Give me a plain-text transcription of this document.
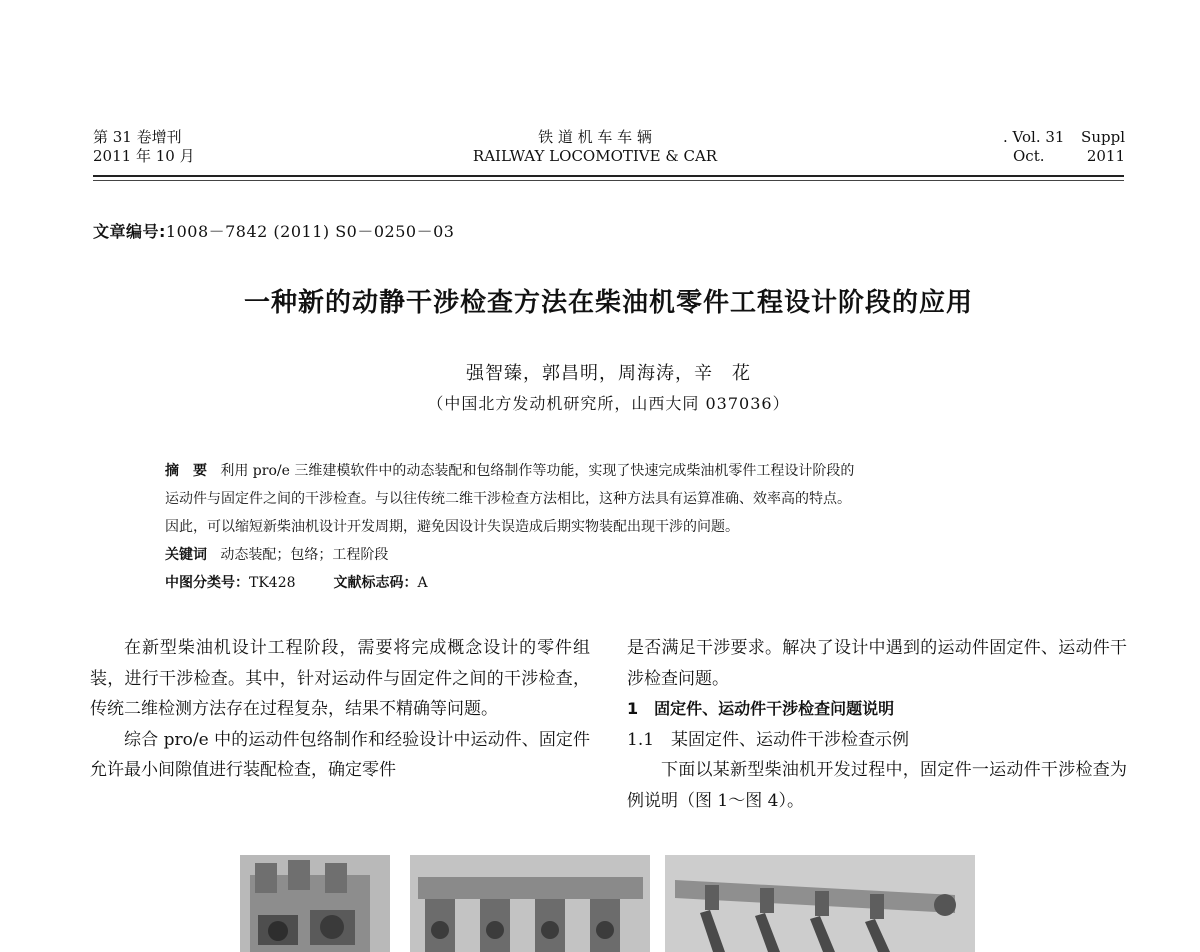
第 31 卷增刊
2011 年 10 月
铁 道 机 车 车 辆
RAILWAY LOCOMOTIVE & CAR
. Vol. 31 Suppl
Oct.	2011
文章编号:1008－7842 (2011) S0－0250－03
一种新的动静干涉检查方法在柴油机零件工程设计阶段的应用
强智臻，郭昌明，周海涛，辛　花
（中国北方发动机研究所，山西大同 037036）

摘　要 利用 pro/e 三维建模软件中的动态装配和包络制作等功能，实现了快速完成柴油机零件工程设计阶段的

运动件与固定件之间的干涉检查。与以往传统二维干涉检查方法相比，这种方法具有运算准确、效率高的特点。

因此，可以缩短新柴油机设计开发周期，避免因设计失误造成后期实物装配出现干涉的问题。

关键词 动态装配；包络；工程阶段

中图分类号：TK428	文献标志码：A

在新型柴油机设计工程阶段，需要将完成概念设计的零件组装，进行干涉检查。其中，针对运动件与固定件之间的干涉检查，传统二维检测方法存在过程复杂，结果不精确等问题。

综合 pro/e 中的运动件包络制作和经验设计中运动件、固定件允许最小间隙值进行装配检查，确定零件

是否满足干涉要求。解决了设计中遇到的运动件固定件、运动件干涉检查问题。

1　固定件、运动件干涉检查问题说明

1.1　某固定件、运动件干涉检查示例

下面以某新型柴油机开发过程中，固定件一运动件干涉检查为例说明（图 1～图 4）。
